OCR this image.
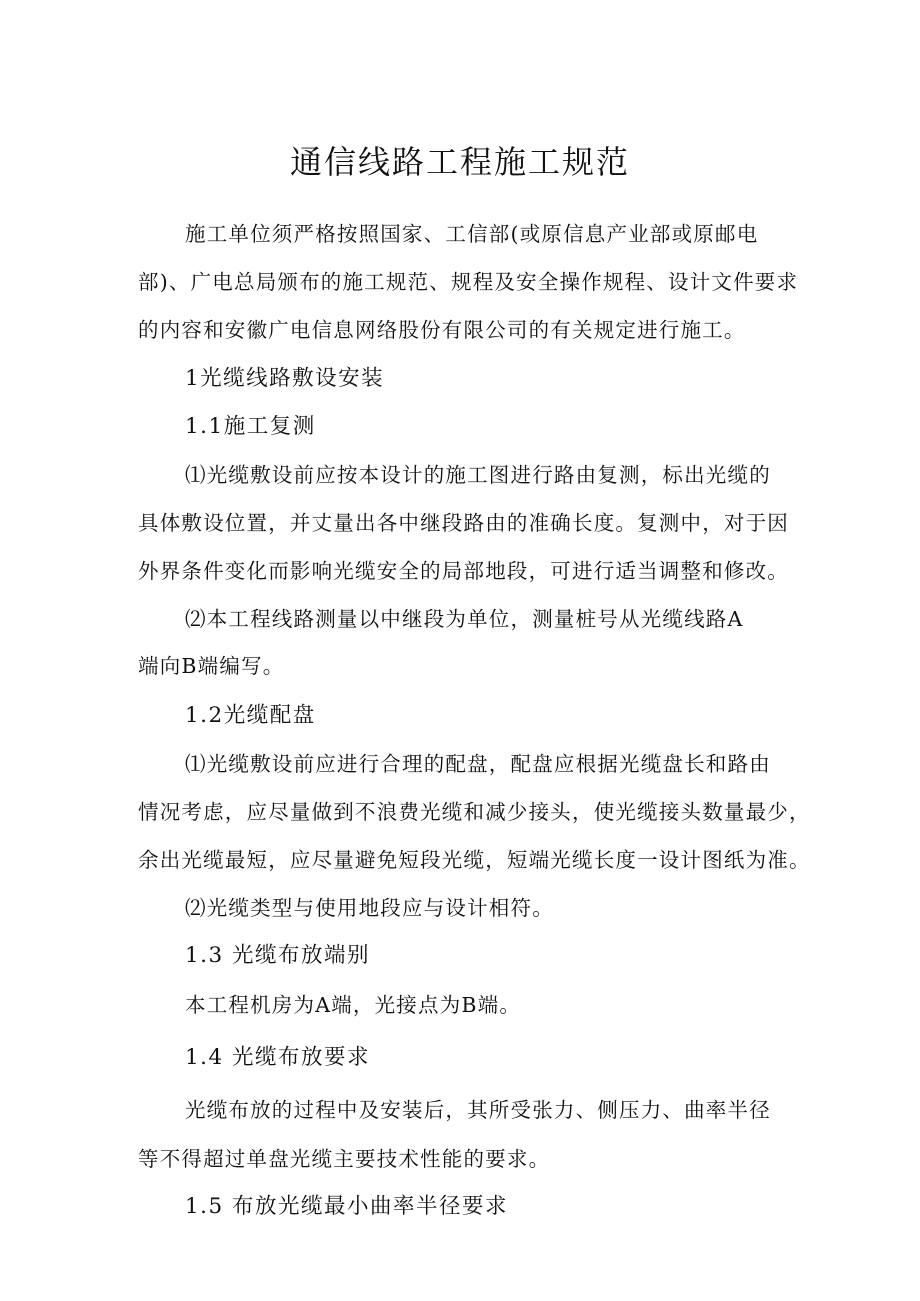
通信线路工程施工规范
施工单位须严格按照国家、工信部(或原信息产业部或原邮电
部)、广电总局颁布的施工规范、规程及安全操作规程、设计文件要求
的内容和安徽广电信息网络股份有限公司的有关规定进行施工。
1光缆线路敷设安装
1.1施工复测
⑴光缆敷设前应按本设计的施工图进行路由复测，标出光缆的
具体敷设位置，并丈量出各中继段路由的准确长度。复测中，对于因
外界条件变化而影响光缆安全的局部地段，可进行适当调整和修改。
⑵本工程线路测量以中继段为单位，测量桩号从光缆线路A
端向B端编写。
1.2光缆配盘
⑴光缆敷设前应进行合理的配盘，配盘应根据光缆盘长和路由
情况考虑，应尽量做到不浪费光缆和减少接头，使光缆接头数量最少，
余出光缆最短，应尽量避免短段光缆，短端光缆长度一设计图纸为准。
⑵光缆类型与使用地段应与设计相符。
1.3 光缆布放端别
本工程机房为A端，光接点为B端。
1.4 光缆布放要求
光缆布放的过程中及安装后，其所受张力、侧压力、曲率半径
等不得超过单盘光缆主要技术性能的要求。
1.5 布放光缆最小曲率半径要求
